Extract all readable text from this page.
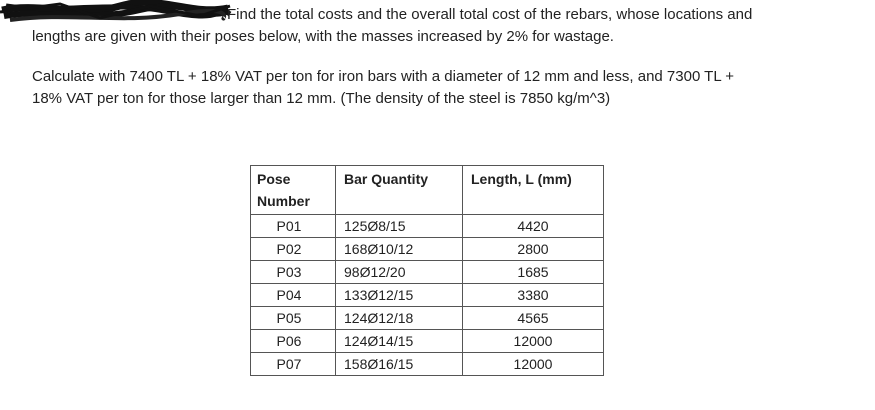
Find the total costs and the overall total cost of the rebars, whose locations and
lengths are given with their poses below, with the masses increased by 2% for wastage.
Calculate with 7400 TL + 18% VAT per ton for iron bars with a diameter of 12 mm and less, and 7300 TL +
18% VAT per ton for those larger than 12 mm. (The density of the steel is 7850 kg/m^3)
Pose Number	Bar Quantity	Length, L (mm)
P01	125Ø8/15	4420
P02	168Ø10/12	2800
P03	98Ø12/20	1685
P04	133Ø12/15	3380
P05	124Ø12/18	4565
P06	124Ø14/15	12000
P07	158Ø16/15	12000
